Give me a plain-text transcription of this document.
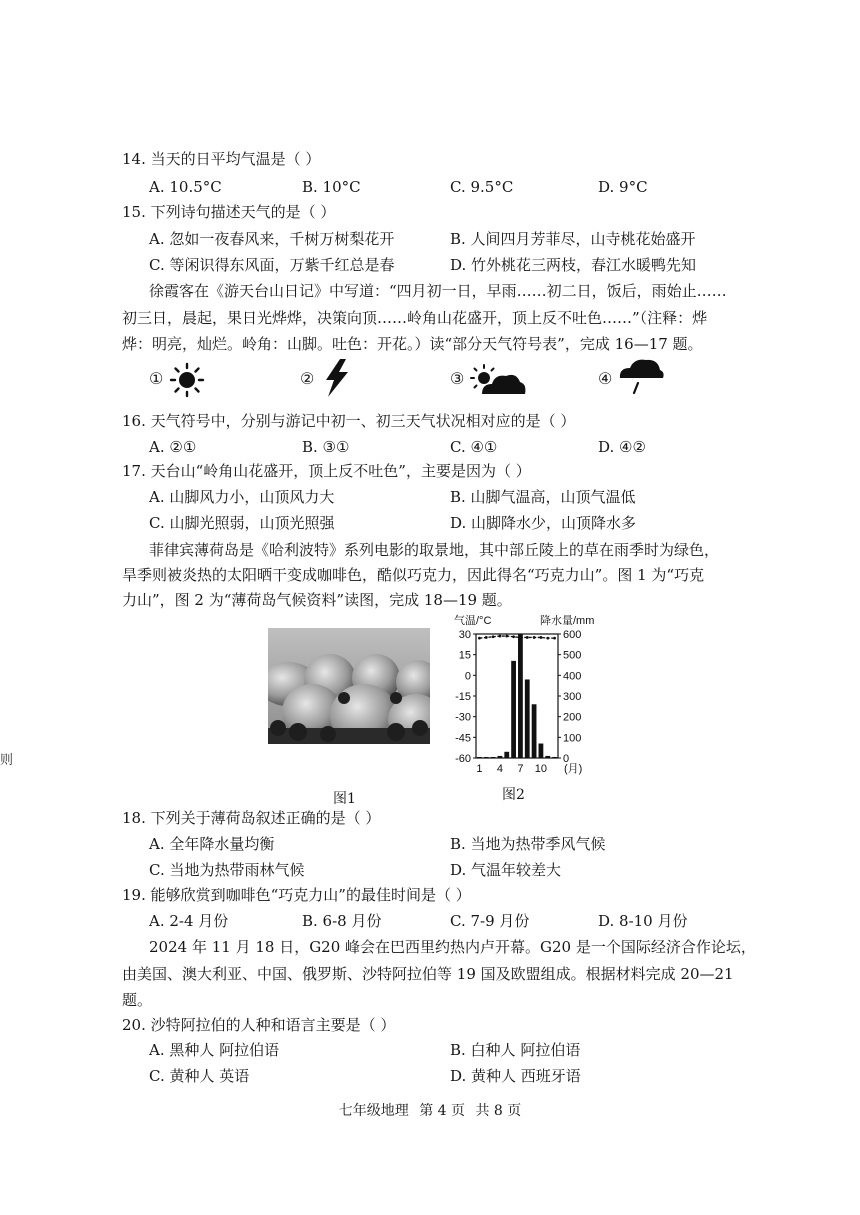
14. 当天的日平均气温是（ ）
A. 10.5°C	B. 10°C	C. 9.5°C	D. 9°C
15. 下列诗句描述天气的是（ ）
A. 忽如一夜春风来，千树万树梨花开	B. 人间四月芳菲尽，山寺桃花始盛开
C. 等闲识得东风面，万紫千红总是春	D. 竹外桃花三两枝，春江水暖鸭先知
徐霞客在《游天台山日记》中写道：“四月初一日，早雨……初二日，饭后，雨始止……
初三日，晨起，果日光烨烨，决策向顶……岭角山花盛开，顶上反不吐色……”（注释：烨
烨：明亮，灿烂。岭角：山脚。吐色：开花。）读“部分天气符号表”，完成 16—17 题。
①	②	③	④
16. 天气符号中，分别与游记中初一、初三天气状况相对应的是（ ）
A. ②①	B. ③①	C. ④①	D. ④②
17. 天台山“岭角山花盛开，顶上反不吐色”，主要是因为（ ）
A. 山脚风力小，山顶风力大	B. 山脚气温高，山顶气温低
C. 山脚光照弱，山顶光照强	D. 山脚降水少，山顶降水多
菲律宾薄荷岛是《哈利波特》系列电影的取景地，其中部丘陵上的草在雨季时为绿色，
旱季则被炎热的太阳晒干变成咖啡色，酷似巧克力，因此得名“巧克力山”。图 1 为“巧克
力山”，图 2 为“薄荷岛气候资料”读图，完成 18—19 题。
图1
气温/°C	降水量/mm
30
15
0
-15
-30
-45
-60
600
500
400
300
200
100
0
1 4 7 10 (月)
图2
则
18. 下列关于薄荷岛叙述正确的是（ ）
A. 全年降水量均衡	B. 当地为热带季风气候
C. 当地为热带雨林气候	D. 气温年较差大
19. 能够欣赏到咖啡色“巧克力山”的最佳时间是（ ）
A. 2-4 月份	B. 6-8 月份	C. 7-9 月份	D. 8-10 月份
2024 年 11 月 18 日，G20 峰会在巴西里约热内卢开幕。G20 是一个国际经济合作论坛，
由美国、澳大利亚、中国、俄罗斯、沙特阿拉伯等 19 国及欧盟组成。根据材料完成 20—21
题。
20. 沙特阿拉伯的人种和语言主要是（ ）
A. 黑种人 阿拉伯语	B. 白种人 阿拉伯语
C. 黄种人 英语	D. 黄种人 西班牙语
七年级地理 第 4 页 共 8 页
